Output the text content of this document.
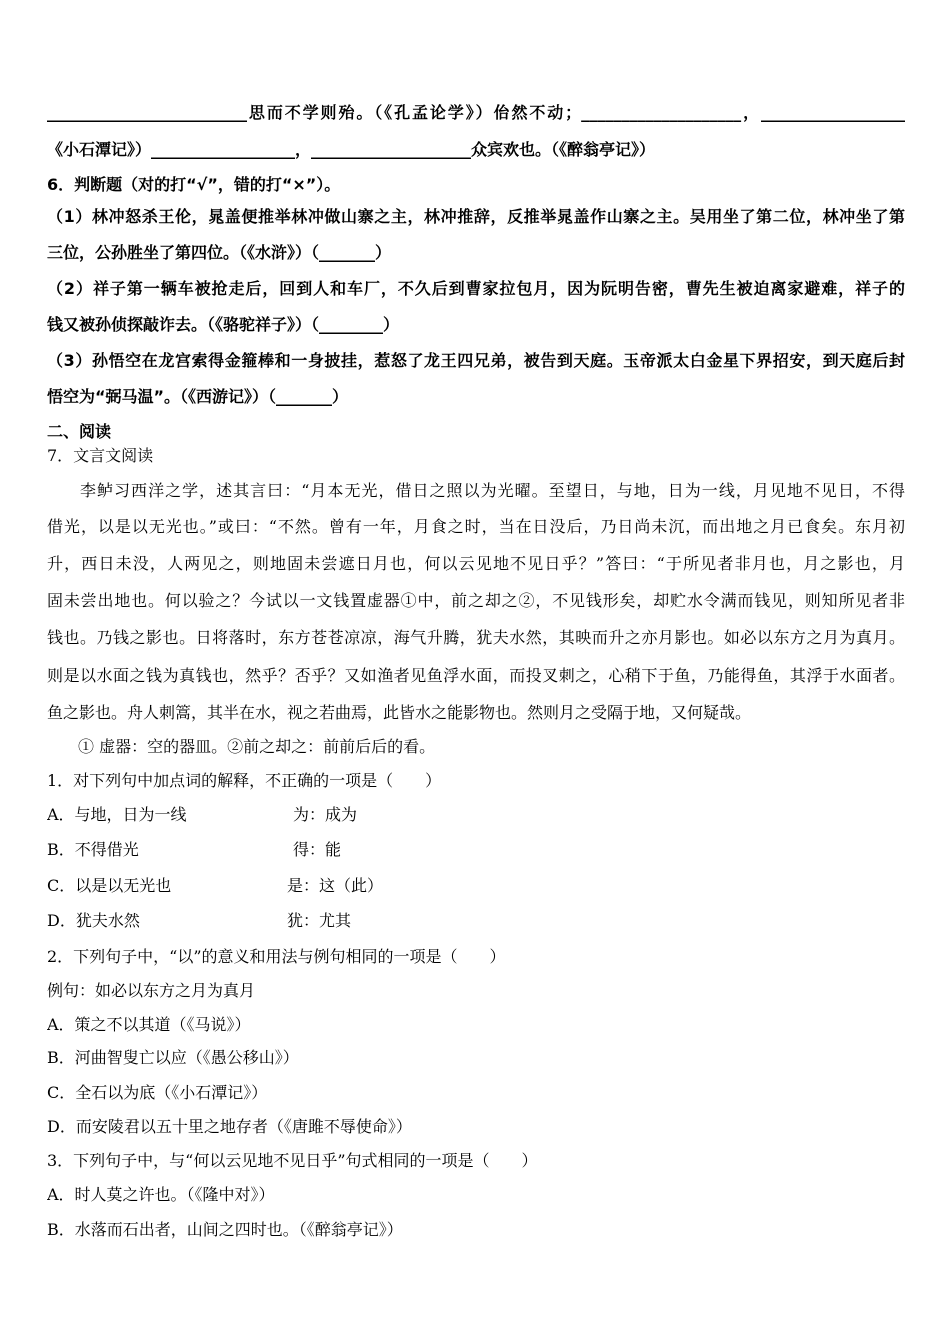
_________________________思而不学则殆。（《孔孟论学》）佁然不动；____________________，__________________
《小石潭记》）__________________，____________________众宾欢也。（《醉翁亭记》）
6．判断题（对的打“√”，错的打“×”）。
（1）林冲怒杀王伦，晁盖便推举林冲做山寨之主，林冲推辞，反推举晁盖作山寨之主。吴用坐了第二位，林冲坐了第
三位，公孙胜坐了第四位。（《水浒》）（_______）
（2）祥子第一辆车被抢走后，回到人和车厂，不久后到曹家拉包月，因为阮明告密，曹先生被迫离家避难，祥子的
钱又被孙侦探敲诈去。（《骆驼祥子》）（________）
（3）孙悟空在龙宫索得金箍棒和一身披挂，惹怒了龙王四兄弟，被告到天庭。玉帝派太白金星下界招安，到天庭后封
悟空为“弼马温”。（《西游记》）（_______）
二、阅读
7．文言文阅读
李鲈习西洋之学，述其言曰：“月本无光，借日之照以为光曜。至望日，与地，日为一线，月见地不见日，不得
借光，以是以无光也。”或曰：“不然。曾有一年，月食之时，当在日没后，乃日尚未沉，而出地之月已食矣。东月初
升，西日未没，人两见之，则地固未尝遮日月也，何以云见地不见日乎？”答曰：“于所见者非月也，月之影也，月
固未尝出地也。何以验之？今试以一文钱置虚器①中，前之却之②，不见钱形矣，却贮水令满而钱见，则知所见者非
钱也。乃钱之影也。日将落时，东方苍苍凉凉，海气升腾，犹夫水然，其映而升之亦月影也。如必以东方之月为真月。
则是以水面之钱为真钱也，然乎？否乎？又如渔者见鱼浮水面，而投叉刺之，心稍下于鱼，乃能得鱼，其浮于水面者。
鱼之影也。舟人刺篙，其半在水，视之若曲焉，此皆水之能影物也。然则月之受隔于地，又何疑哉。
① 虚器：空的器皿。②前之却之：前前后后的看。
1．对下列句中加点词的解释，不正确的一项是（　　）
A．与地，日为一线	为：成为
B．不得借光	得：能
C．以是以无光也	是：这（此）
D．犹夫水然	犹：尤其
2．下列句子中，“以”的意义和用法与例句相同的一项是（　　）
例句：如必以东方之月为真月
A．策之不以其道（《马说》）
B．河曲智叟亡以应（《愚公移山》）
C．全石以为底（《小石潭记》）
D．而安陵君以五十里之地存者（《唐雎不辱使命》）
3．下列句子中，与“何以云见地不见日乎”句式相同的一项是（　　）
A．时人莫之许也。（《隆中对》）
B．水落而石出者，山间之四时也。（《醉翁亭记》）
